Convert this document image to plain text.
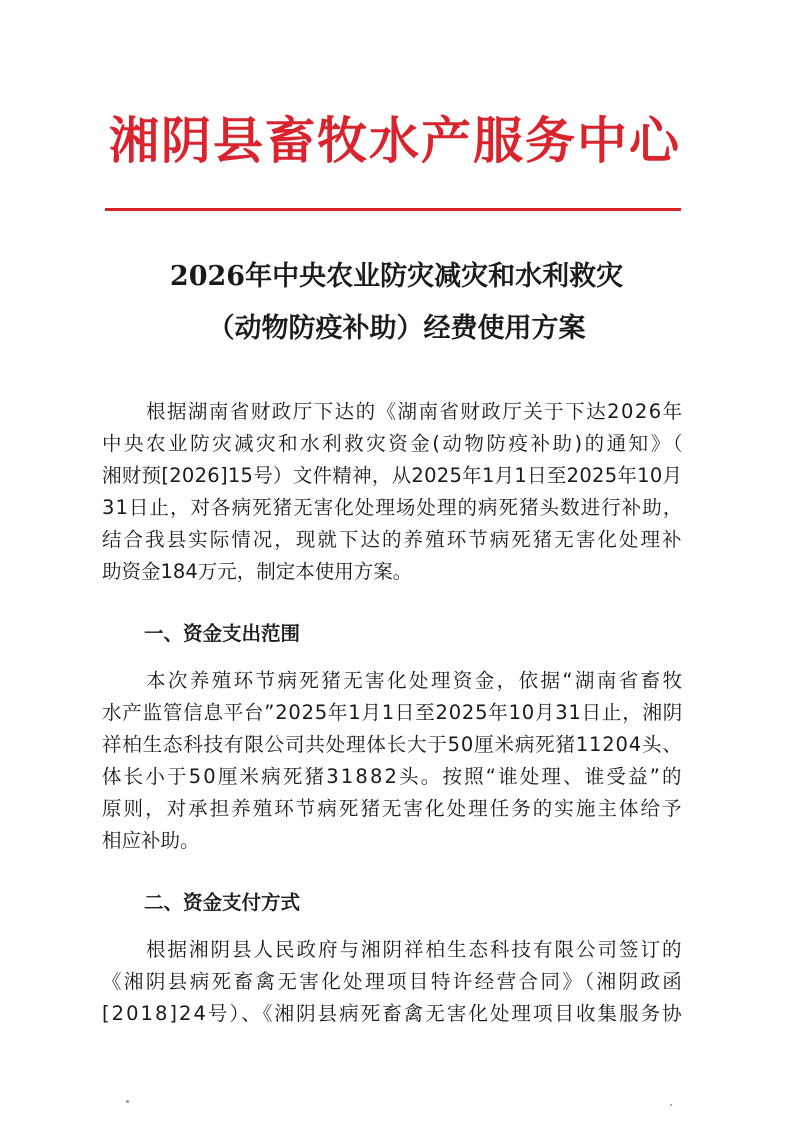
湘阴县畜牧水产服务中心
2026年中央农业防灾减灾和水利救灾
（动物防疫补助）经费使用方案
根据湖南省财政厅下达的《湖南省财政厅关于下达2026年
中央农业防灾减灾和水利救灾资金(动物防疫补助)的通知》（
湘财预[2026]15号）文件精神，从2025年1月1日至2025年10月
31日止，对各病死猪无害化处理场处理的病死猪头数进行补助，
结合我县实际情况，现就下达的养殖环节病死猪无害化处理补
助资金184万元，制定本使用方案。
一、资金支出范围
本次养殖环节病死猪无害化处理资金，依据“湖南省畜牧
水产监管信息平台”2025年1月1日至2025年10月31日止，湘阴
祥柏生态科技有限公司共处理体长大于50厘米病死猪11204头、
体长小于50厘米病死猪31882头。按照“谁处理、谁受益”的
原则，对承担养殖环节病死猪无害化处理任务的实施主体给予
相应补助。
二、资金支付方式
根据湘阴县人民政府与湘阴祥柏生态科技有限公司签订的
《湘阴县病死畜禽无害化处理项目特许经营合同》（湘阴政函
[2018]24号）、《湘阴县病死畜禽无害化处理项目收集服务协
